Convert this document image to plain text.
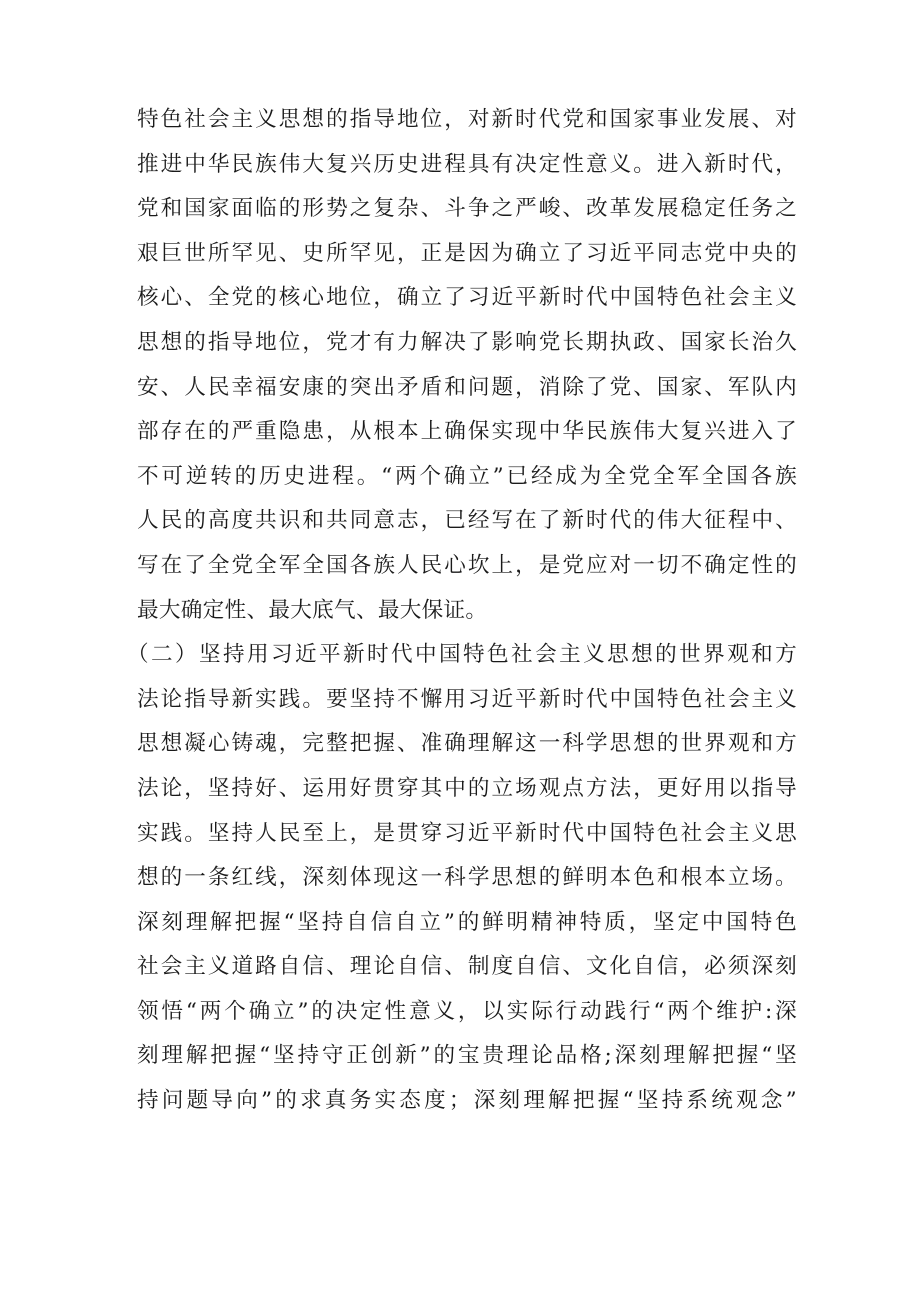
特色社会主义思想的指导地位，对新时代党和国家事业发展、对
推进中华民族伟大复兴历史进程具有决定性意义。进入新时代，
党和国家面临的形势之复杂、斗争之严峻、改革发展稳定任务之
艰巨世所罕见、史所罕见，正是因为确立了习近平同志党中央的
核心、全党的核心地位，确立了习近平新时代中国特色社会主义
思想的指导地位，党才有力解决了影响党长期执政、国家长治久
安、人民幸福安康的突出矛盾和问题，消除了党、国家、军队内
部存在的严重隐患，从根本上确保实现中华民族伟大复兴进入了
不可逆转的历史进程。“两个确立”已经成为全党全军全国各族
人民的高度共识和共同意志，已经写在了新时代的伟大征程中、
写在了全党全军全国各族人民心坎上，是党应对一切不确定性的
最大确定性、最大底气、最大保证。
（二）坚持用习近平新时代中国特色社会主义思想的世界观和方
法论指导新实践。要坚持不懈用习近平新时代中国特色社会主义
思想凝心铸魂，完整把握、准确理解这一科学思想的世界观和方
法论，坚持好、运用好贯穿其中的立场观点方法，更好用以指导
实践。坚持人民至上，是贯穿习近平新时代中国特色社会主义思
想的一条红线，深刻体现这一科学思想的鲜明本色和根本立场。
深刻理解把握“坚持自信自立”的鲜明精神特质，坚定中国特色
社会主义道路自信、理论自信、制度自信、文化自信，必须深刻
领悟“两个确立”的决定性意义，以实际行动践行“两个维护:深
刻理解把握“坚持守正创新”的宝贵理论品格;深刻理解把握“坚
持问题导向”的求真务实态度；深刻理解把握“坚持系统观念”
